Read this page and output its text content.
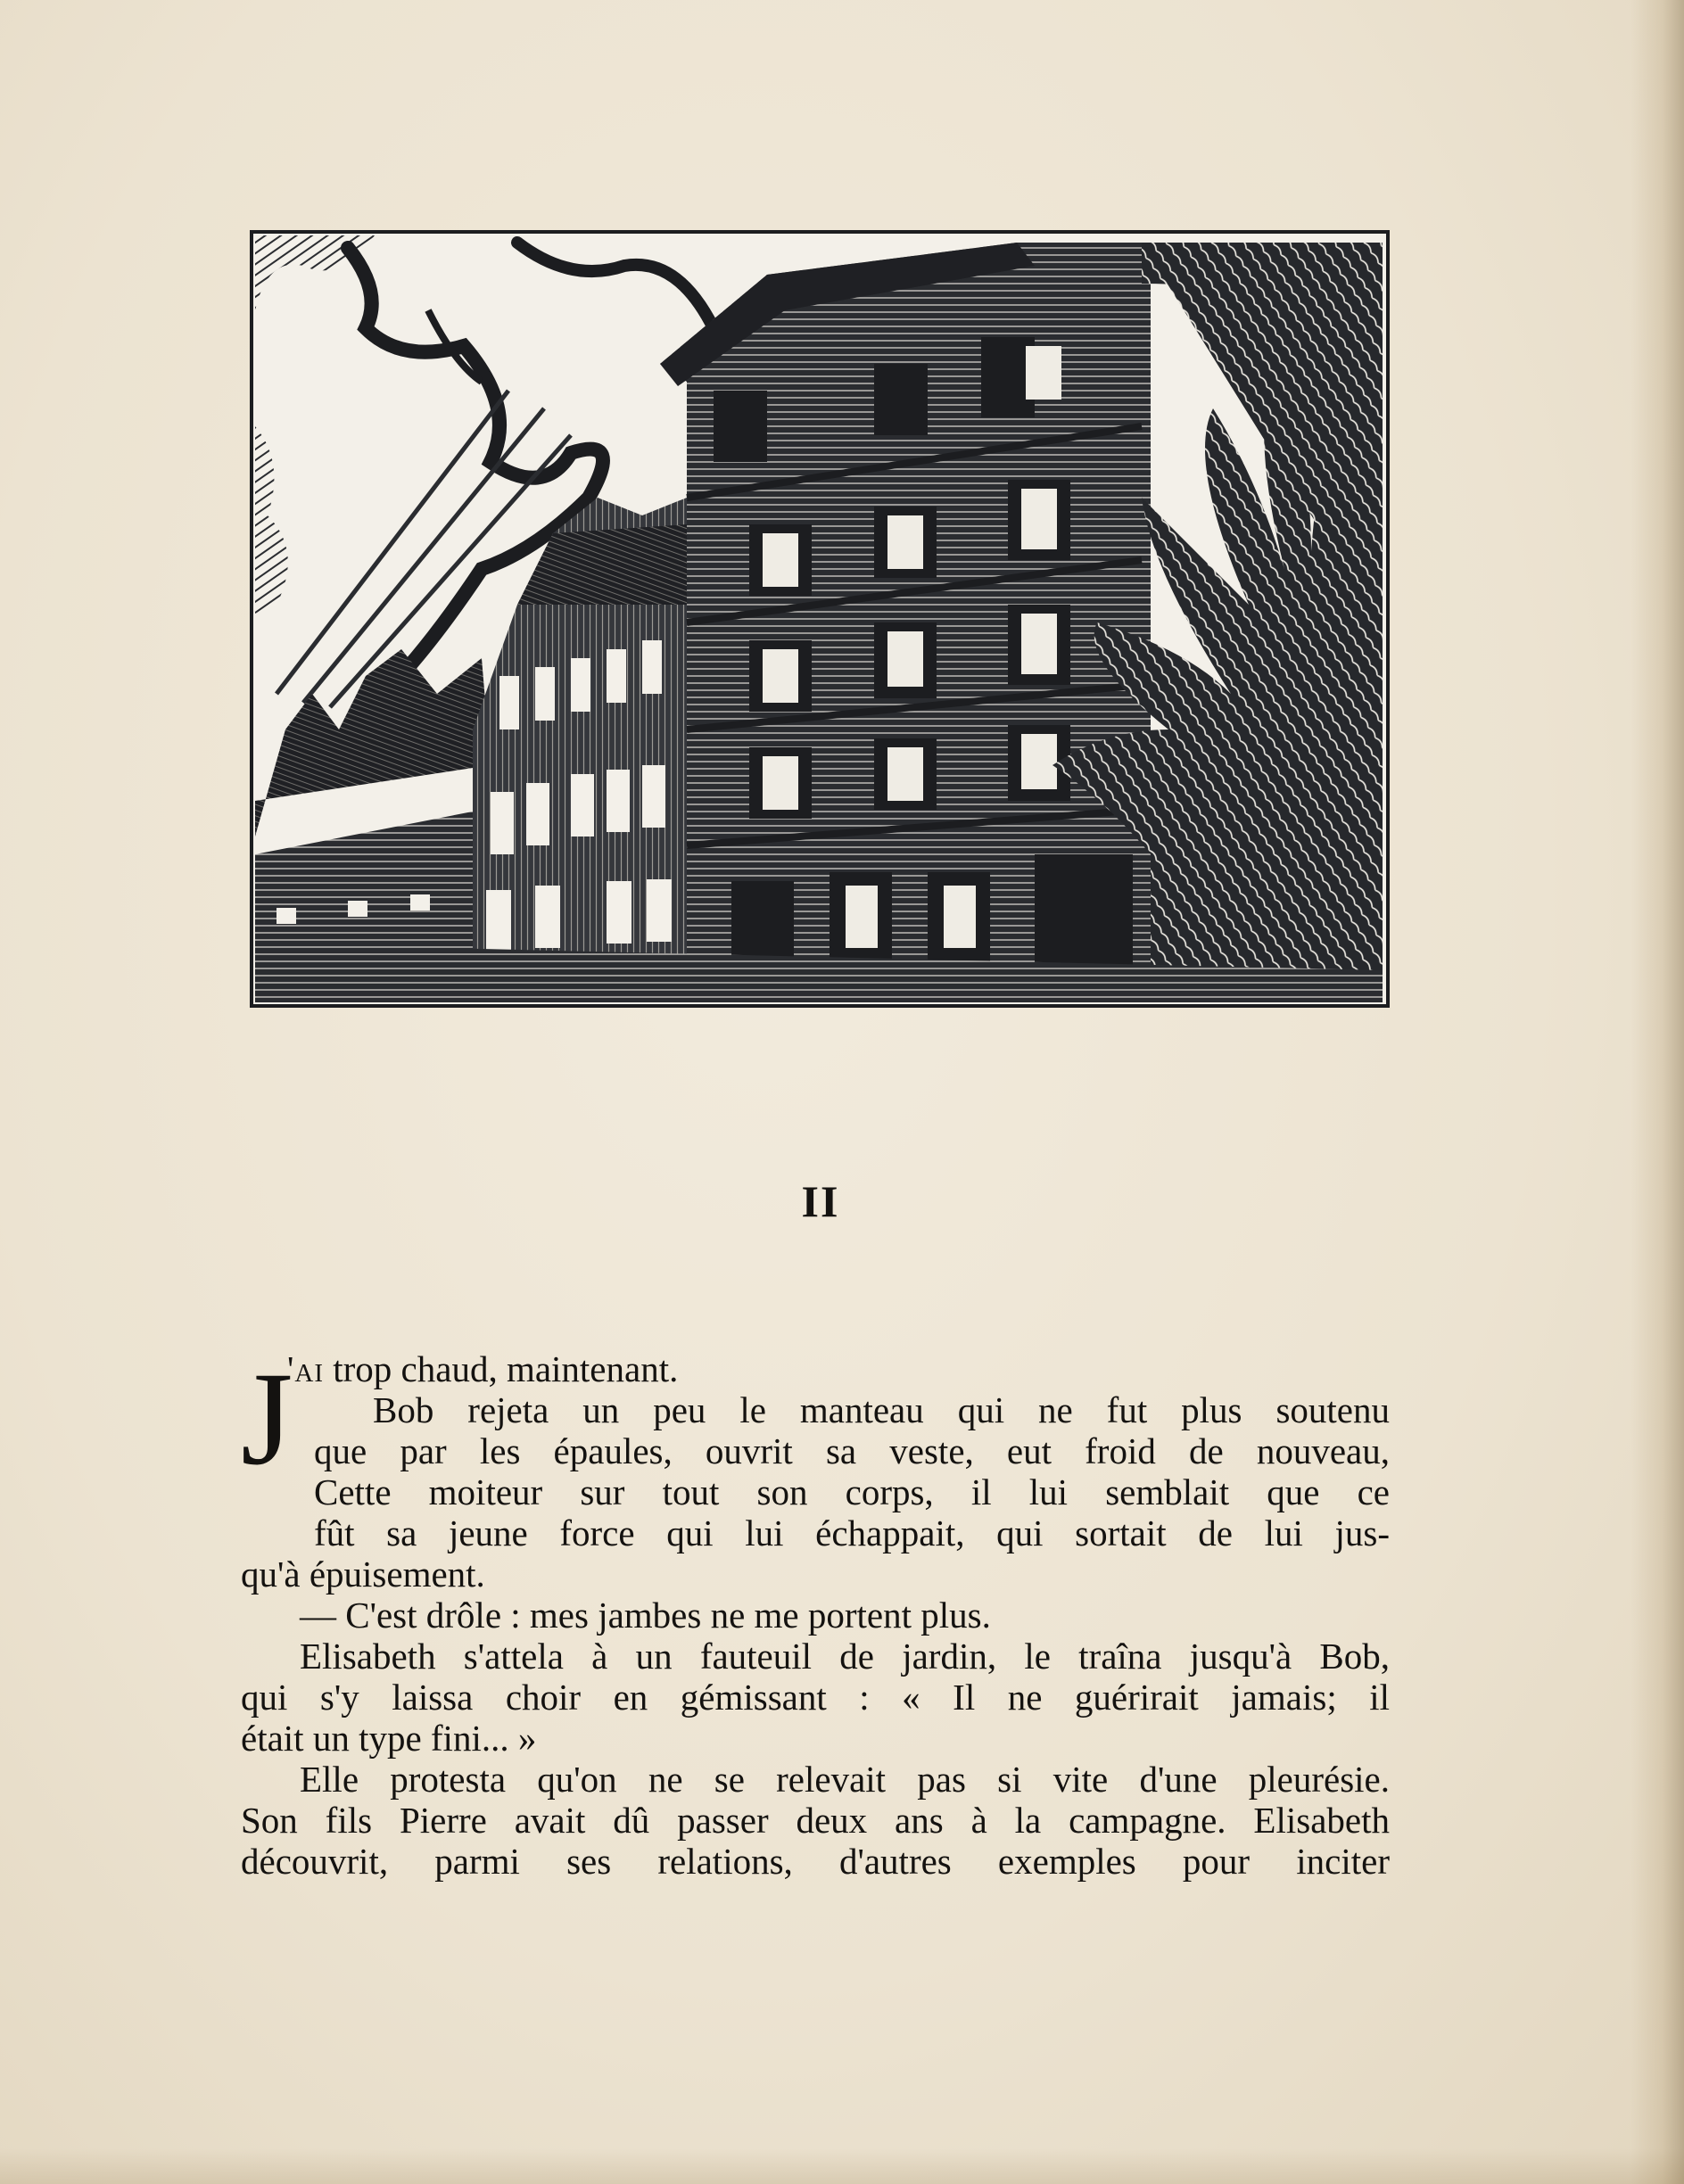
II
J
'ai trop chaud, maintenant.
Bob rejeta un peu le manteau qui ne fut plus soutenu
que par les épaules, ouvrit sa veste, eut froid de nouveau,
Cette moiteur sur tout son corps, il lui semblait que ce
fût sa jeune force qui lui échappait, qui sortait de lui jus-
qu'à épuisement.
— C'est drôle : mes jambes ne me portent plus.
Elisabeth s'attela à un fauteuil de jardin, le traîna jusqu'à Bob,
qui s'y laissa choir en gémissant : « Il ne guérirait jamais; il
était un type fini... »
Elle protesta qu'on ne se relevait pas si vite d'une pleurésie.
Son fils Pierre avait dû passer deux ans à la campagne. Elisabeth
découvrit, parmi ses relations, d'autres exemples pour inciter
